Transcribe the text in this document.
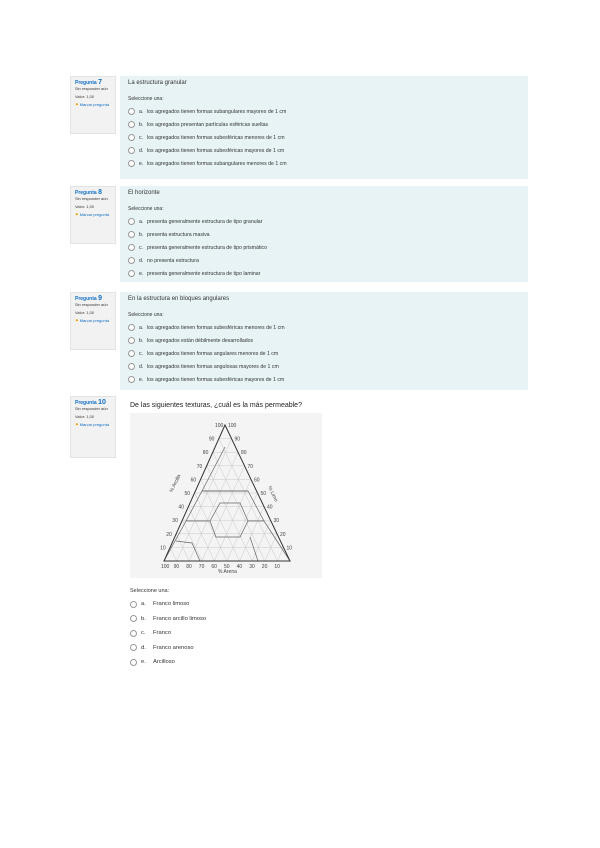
Pregunta 7
Sin responder aún
Valor: 1,00
⚑ Marcar pregunta
La estructura granular
Seleccione una:
a. los agregados tienen formas subangulares mayores de 1 cm
b. los agregados presentan partículas esféricas sueltas
c. los agregados tienen formas subesféricas menores de 1 cm
d. los agregados tienen formas subesféricas mayores de 1 cm
e. los agregados tienen formas subangulares menores de 1 cm
Pregunta 8
Sin responder aún
Valor: 1,00
⚑ Marcar pregunta
El horizonte
Seleccione una:
a. presenta generalmente estructura de tipo granular
b. presenta estructura masiva
c. presenta generalmente estructura de tipo prismático
d. no presenta estructura
e. presenta generalmente estructura de tipo laminar
Pregunta 9
Sin responder aún
Valor: 1,00
⚑ Marcar pregunta
En la estructura en bloques angulares
Seleccione una:
a. los agregados tienen formas subesféricas menores de 1 cm
b. los agregados están débilmente desarrollados
c. los agregados tienen formas angulares menores de 1 cm
d. los agregados tienen formas angulosas mayores de 1 cm
e. los agregados tienen formas subesféricas mayores de 1 cm
Pregunta 10
Sin responder aún
Valor: 1,00
⚑ Marcar pregunta
De las siguientes texturas, ¿cuál es la más permeable?
10
10
10
20
20
20
30
30
30
40
40
40
50
50
50
60
60
60
70
70
70
80
80
80
90
90
90
100
100
100
% Arena
% Arcilla
% Limo
Seleccione una:
a.	Franco limoso
b.	Franco arcillo limoso
c.	Franco
d.	Franco arenoso
e.	Arcilloso
